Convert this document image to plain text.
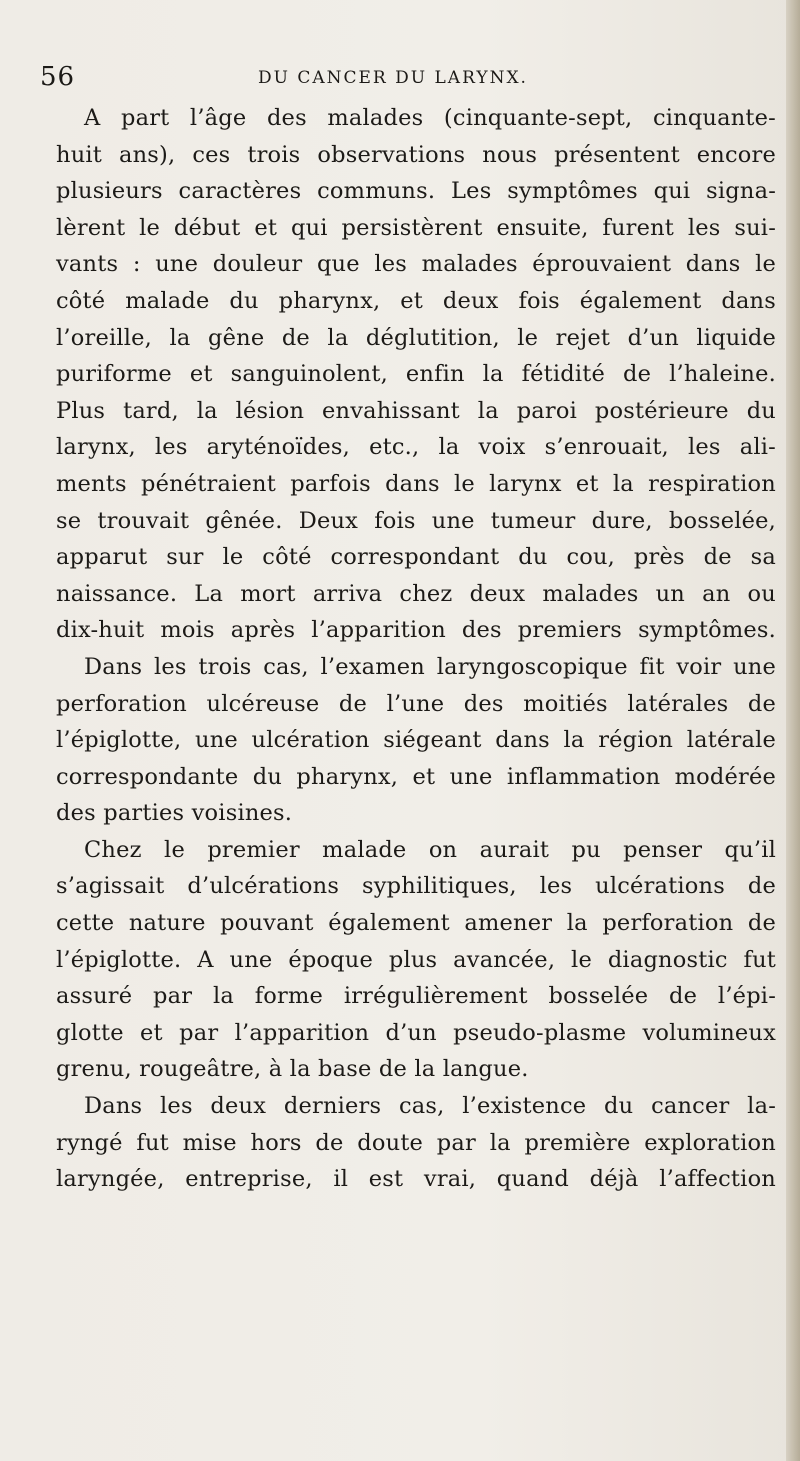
56	DU CANCER DU LARYNX.
A part l’âge des malades (cinquante-sept, cinquante-
huit ans), ces trois observations nous présentent encore
plusieurs caractères communs. Les symptômes qui signa-
lèrent le début et qui persistèrent ensuite, furent les sui-
vants : une douleur que les malades éprouvaient dans le
côté malade du pharynx, et deux fois également dans
l’oreille, la gêne de la déglutition, le rejet d’un liquide
puriforme et sanguinolent, enfin la fétidité de l’haleine.
Plus tard, la lésion envahissant la paroi postérieure du
larynx, les aryténoïdes, etc., la voix s’enrouait, les ali-
ments pénétraient parfois dans le larynx et la respiration
se trouvait gênée. Deux fois une tumeur dure, bosselée,
apparut sur le côté correspondant du cou, près de sa
naissance. La mort arriva chez deux malades un an ou
dix-huit mois après l’apparition des premiers symptômes.
Dans les trois cas, l’examen laryngoscopique fit voir une
perforation ulcéreuse de l’une des moitiés latérales de
l’épiglotte, une ulcération siégeant dans la région latérale
correspondante du pharynx, et une inflammation modérée
des parties voisines.
Chez le premier malade on aurait pu penser qu’il
s’agissait d’ulcérations syphilitiques, les ulcérations de
cette nature pouvant également amener la perforation de
l’épiglotte. A une époque plus avancée, le diagnostic fut
assuré par la forme irrégulièrement bosselée de l’épi-
glotte et par l’apparition d’un pseudo-plasme volumineux
grenu, rougeâtre, à la base de la langue.
Dans les deux derniers cas, l’existence du cancer la-
ryngé fut mise hors de doute par la première exploration
laryngée, entreprise, il est vrai, quand déjà l’affection
